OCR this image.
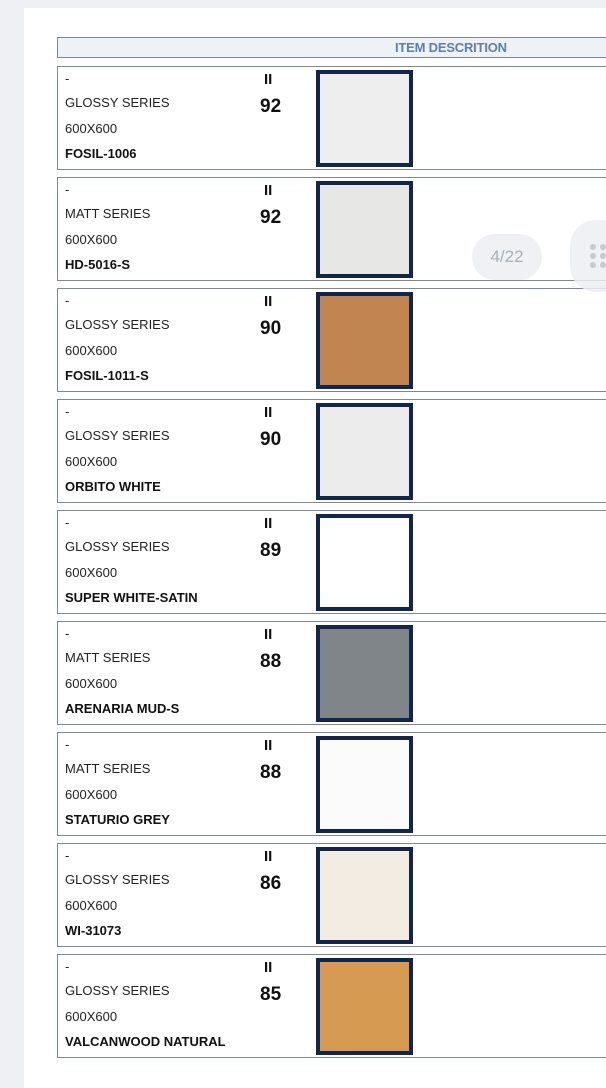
ITEM DESCRITION
-
GLOSSY SERIES
600X600
FOSIL-1006
II
92
-
MATT SERIES
600X600
HD-5016-S
II
92
-
GLOSSY SERIES
600X600
FOSIL-1011-S
II
90
-
GLOSSY SERIES
600X600
ORBITO WHITE
II
90
-
GLOSSY SERIES
600X600
SUPER WHITE-SATIN
II
89
-
MATT SERIES
600X600
ARENARIA MUD-S
II
88
-
MATT SERIES
600X600
STATURIO GREY
II
88
-
GLOSSY SERIES
600X600
WI-31073
II
86
-
GLOSSY SERIES
600X600
VALCANWOOD NATURAL
II
85
4/22
